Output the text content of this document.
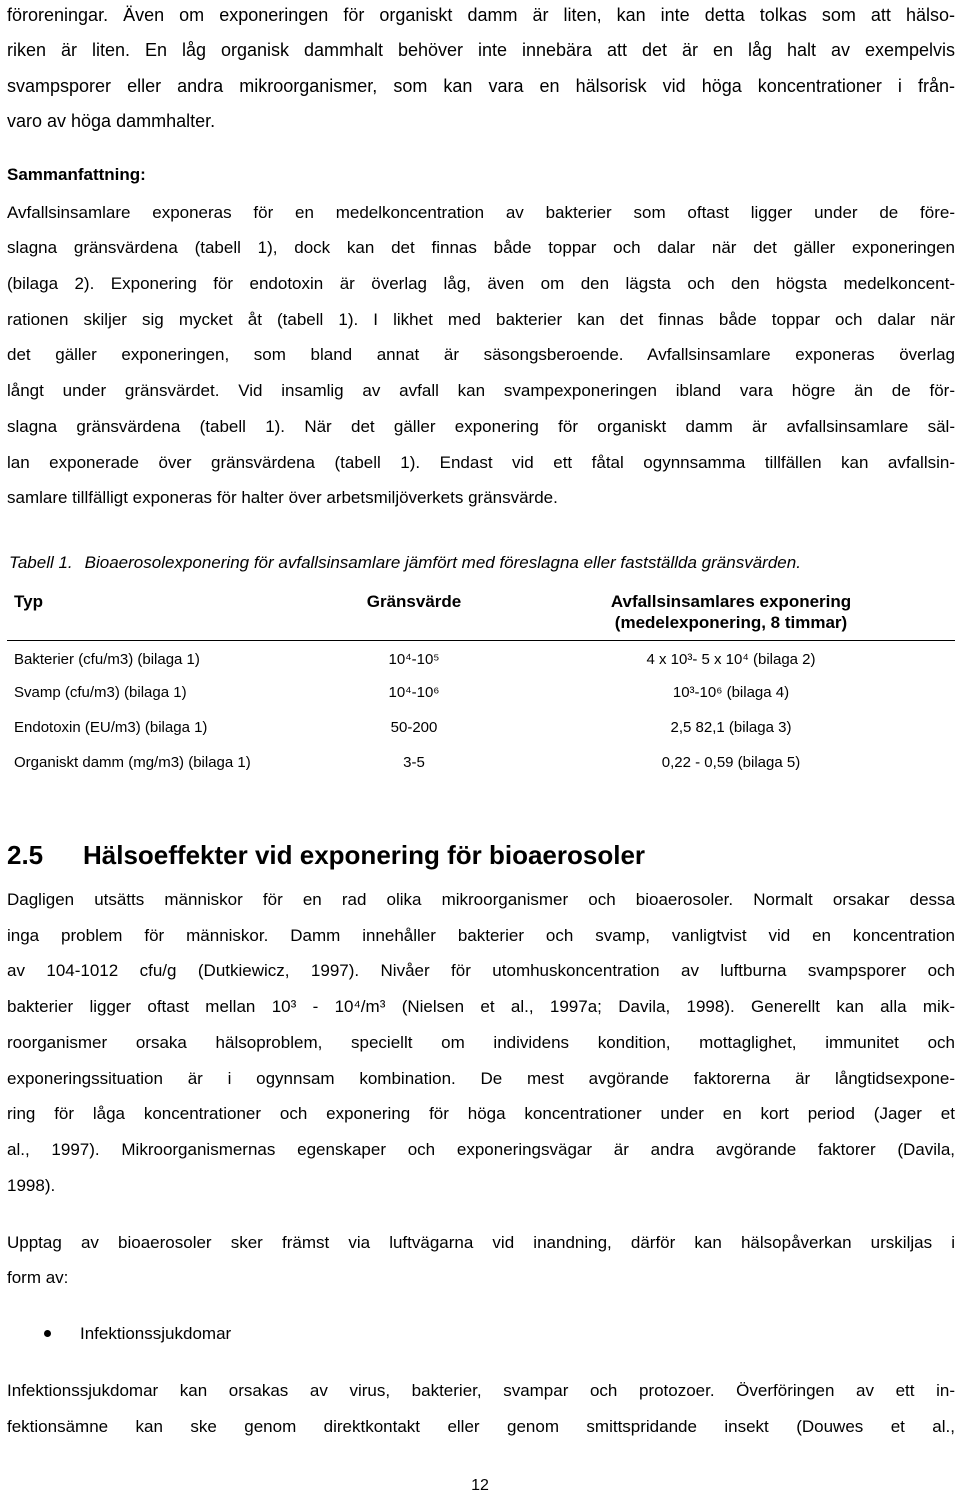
föroreningar. Även om exponeringen för organiskt damm är liten, kan inte detta tolkas som att hälso-
riken är liten. En låg organisk dammhalt behöver inte innebära att det är en låg halt av exempelvis
svampsporer eller andra mikroorganismer, som kan vara en hälsorisk vid höga koncentrationer i från-
varo av höga dammhalter.
Sammanfattning:
Avfallsinsamlare exponeras för en medelkoncentration av bakterier som oftast ligger under de före-
slagna gränsvärdena (tabell 1), dock kan det finnas både toppar och dalar när det gäller exponeringen
(bilaga 2). Exponering för endotoxin är överlag låg, även om den lägsta och den högsta medelkoncent-
rationen skiljer sig mycket åt (tabell 1). I likhet med bakterier kan det finnas både toppar och dalar när
det gäller exponeringen, som bland annat är säsongsberoende. Avfallsinsamlare exponeras överlag
långt under gränsvärdet. Vid insamlig av avfall kan svampexponeringen ibland vara högre än de för-
slagna gränsvärdena (tabell 1). När det gäller exponering för organiskt damm är avfallsinsamlare säl-
lan exponerade över gränsvärdena (tabell 1). Endast vid ett fåtal ogynnsamma tillfällen kan avfallsin-
samlare tillfälligt exponeras för halter över arbetsmiljöverkets gränsvärde.
Tabell 1. Bioaerosolexponering för avfallsinsamlare jämfört med föreslagna eller fastställda gränsvärden.
Typ	Gränsvärde	Avfallsinsamlares exponering
(medelexponering, 8 timmar)
Bakterier (cfu/m3) (bilaga 1)	10⁴-10⁵	4 x 10³- 5 x 10⁴ (bilaga 2)
Svamp (cfu/m3) (bilaga 1)	10⁴-10⁶	10³-10⁶ (bilaga 4)
Endotoxin (EU/m3) (bilaga 1)	50-200	2,5 82,1 (bilaga 3)
Organiskt damm (mg/m3) (bilaga 1)	3-5	0,22 - 0,59 (bilaga 5)
2.5 Hälsoeffekter vid exponering för bioaerosoler
Dagligen utsätts människor för en rad olika mikroorganismer och bioaerosoler. Normalt orsakar dessa
inga problem för människor. Damm innehåller bakterier och svamp, vanligtvist vid en koncentration
av 104-1012 cfu/g (Dutkiewicz, 1997). Nivåer för utomhuskoncentration av luftburna svampsporer och
bakterier ligger oftast mellan 10³ - 10⁴/m³ (Nielsen et al., 1997a; Davila, 1998). Generellt kan alla mik-
roorganismer orsaka hälsoproblem, speciellt om individens kondition, mottaglighet, immunitet och
exponeringssituation är i ogynnsam kombination. De mest avgörande faktorerna är långtidsexpone-
ring för låga koncentrationer och exponering för höga koncentrationer under en kort period (Jager et
al., 1997). Mikroorganismernas egenskaper och exponeringsvägar är andra avgörande faktorer (Davila,
1998).
Upptag av bioaerosoler sker främst via luftvägarna vid inandning, därför kan hälsopåverkan urskiljas i
form av:
Infektionssjukdomar
Infektionssjukdomar kan orsakas av virus, bakterier, svampar och protozoer. Överföringen av ett in-
fektionsämne kan ske genom direktkontakt eller genom smittspridande insekt (Douwes et al.,
12
